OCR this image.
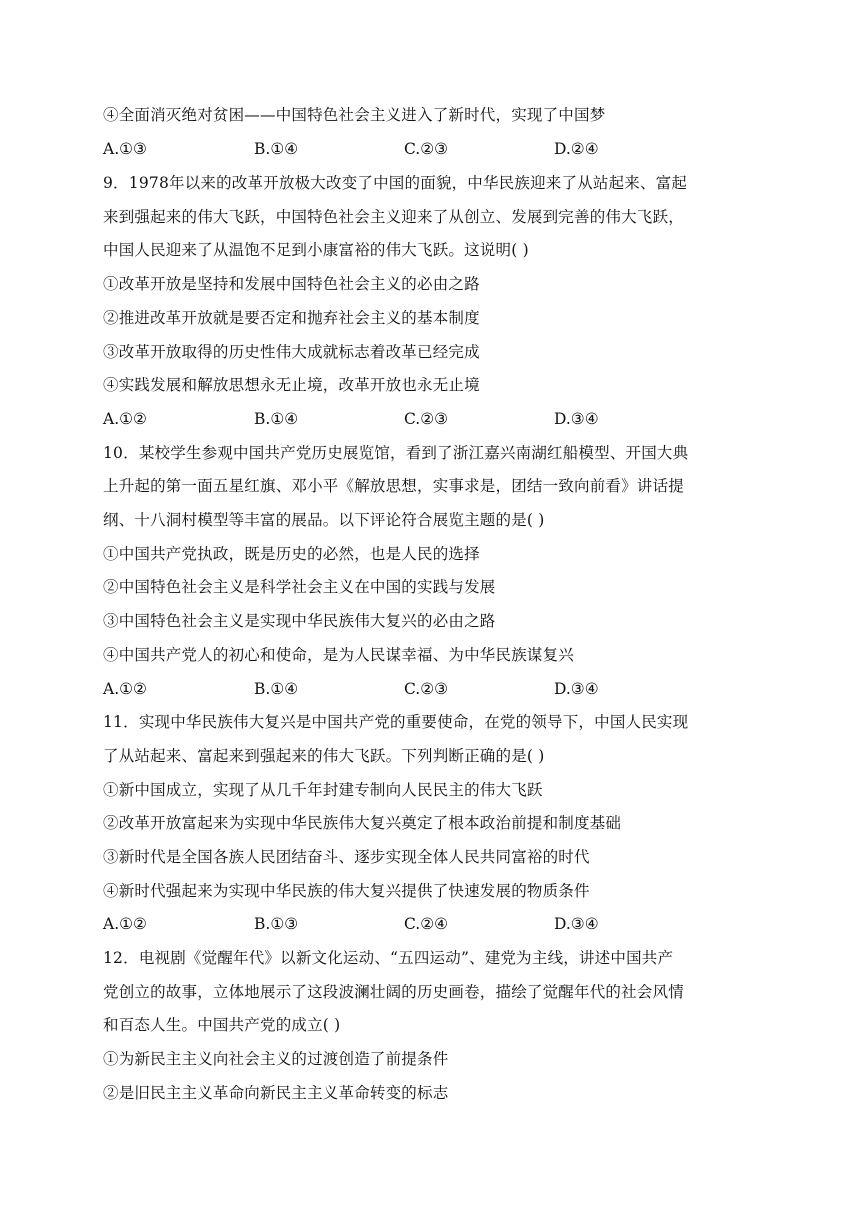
④全面消灭绝对贫困——中国特色社会主义进入了新时代，实现了中国梦
A.①③	B.①④	C.②③	D.②④
9．1978年以来的改革开放极大改变了中国的面貌，中华民族迎来了从站起来、富起
来到强起来的伟大飞跃，中国特色社会主义迎来了从创立、发展到完善的伟大飞跃，
中国人民迎来了从温饱不足到小康富裕的伟大飞跃。这说明( )
①改革开放是坚持和发展中国特色社会主义的必由之路
②推进改革开放就是要否定和抛弃社会主义的基本制度
③改革开放取得的历史性伟大成就标志着改革已经完成
④实践发展和解放思想永无止境，改革开放也永无止境
A.①②	B.①④	C.②③	D.③④
10．某校学生参观中国共产党历史展览馆，看到了浙江嘉兴南湖红船模型、开国大典
上升起的第一面五星红旗、邓小平《解放思想，实事求是，团结一致向前看》讲话提
纲、十八洞村模型等丰富的展品。以下评论符合展览主题的是( )
①中国共产党执政，既是历史的必然，也是人民的选择
②中国特色社会主义是科学社会主义在中国的实践与发展
③中国特色社会主义是实现中华民族伟大复兴的必由之路
④中国共产党人的初心和使命，是为人民谋幸福、为中华民族谋复兴
A.①②	B.①④	C.②③	D.③④
11．实现中华民族伟大复兴是中国共产党的重要使命，在党的领导下，中国人民实现
了从站起来、富起来到强起来的伟大飞跃。下列判断正确的是( )
①新中国成立，实现了从几千年封建专制向人民民主的伟大飞跃
②改革开放富起来为实现中华民族伟大复兴奠定了根本政治前提和制度基础
③新时代是全国各族人民团结奋斗、逐步实现全体人民共同富裕的时代
④新时代强起来为实现中华民族的伟大复兴提供了快速发展的物质条件
A.①②	B.①③	C.②④	D.③④
12．电视剧《觉醒年代》以新文化运动、“五四运动”、建党为主线，讲述中国共产
党创立的故事，立体地展示了这段波澜壮阔的历史画卷，描绘了觉醒年代的社会风情
和百态人生。中国共产党的成立( )
①为新民主主义向社会主义的过渡创造了前提条件
②是旧民主主义革命向新民主主义革命转变的标志
